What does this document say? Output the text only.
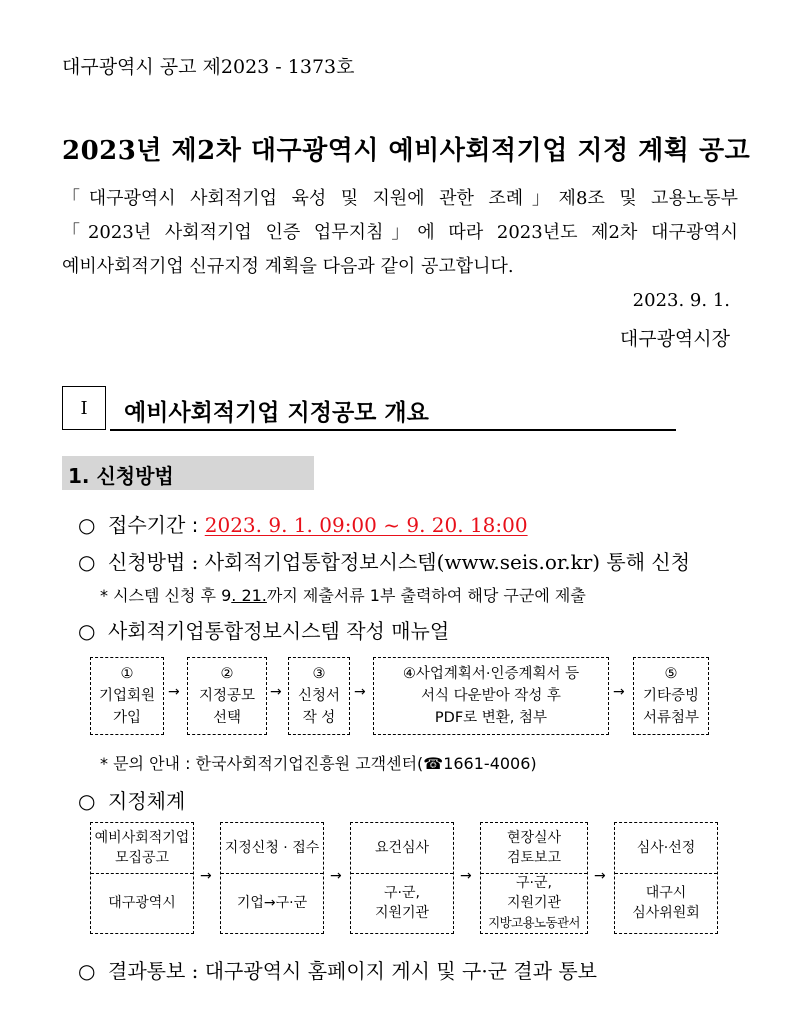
대구광역시 공고 제2023 - 1373호
2023년 제2차 대구광역시 예비사회적기업 지정 계획 공고
「대구광역시 사회적기업 육성 및 지원에 관한 조례」제8조 및 고용노동부
「2023년 사회적기업 인증 업무지침」에 따라 2023년도 제2차 대구광역시
예비사회적기업 신규지정 계획을 다음과 같이 공고합니다.
2023. 9. 1.
대구광역시장
Ⅰ 예비사회적기업 지정공모 개요
1. 신청방법
○ 접수기간 : 2023. 9. 1. 09:00 ~ 9. 20. 18:00
○ 신청방법 : 사회적기업통합정보시스템(www.seis.or.kr) 통해 신청
* 시스템 신청 후 9. 21.까지 제출서류 1부 출력하여 해당 구군에 제출
○ 사회적기업통합정보시스템 작성 매뉴얼
①
기업회원
가입
→
②
지정공모
선택
→
③
신청서
작 성
→
④사업계획서·인증계획서 등
서식 다운받아 작성 후
PDF로 변환, 첨부
→
⑤
기타증빙
서류첨부
* 문의 안내 : 한국사회적기업진흥원 고객센터(☎1661-4006)
○ 지정체계
예비사회적기업
모집공고
대구광역시
→
지정신청 · 접수
기업→구·군
→
요건심사
구·군,
지원기관
→
현장실사
검토보고
구·군,
지원기관
지방고용노동관서
→
심사·선정
대구시
심사위원회
○ 결과통보 : 대구광역시 홈페이지 게시 및 구·군 결과 통보
